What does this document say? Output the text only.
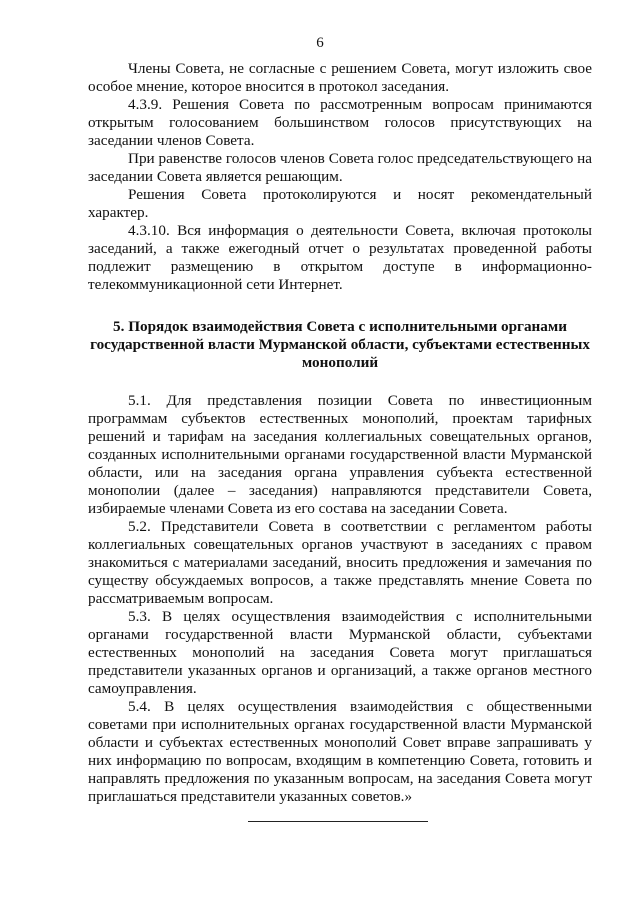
6

Члены Совета, не согласные с решением Совета, могут изложить свое особое мнение, которое вносится в протокол заседания.

4.3.9. Решения Совета по рассмотренным вопросам принимаются открытым голосованием большинством голосов присутствующих на заседании членов Совета.

При равенстве голосов членов Совета голос председательствующего на заседании Совета является решающим.

Решения Совета протоколируются и носят рекомендательный характер.

4.3.10. Вся информация о деятельности Совета, включая протоколы заседаний, а также ежегодный отчет о результатах проведенной работы подлежит размещению в открытом доступе в информационно-телекоммуникационной сети Интернет.

5. Порядок взаимодействия Совета с исполнительными органами государственной власти Мурманской области, субъектами естественных монополий

5.1. Для представления позиции Совета по инвестиционным программам субъектов естественных монополий, проектам тарифных решений и тарифам на заседания коллегиальных совещательных органов, созданных исполнительными органами государственной власти Мурманской области, или на заседания органа управления субъекта естественной монополии (далее – заседания) направляются представители Совета, избираемые членами Совета из его состава на заседании Совета.

5.2. Представители Совета в соответствии с регламентом работы коллегиальных совещательных органов участвуют в заседаниях с правом знакомиться с материалами заседаний, вносить предложения и замечания по существу обсуждаемых вопросов, а также представлять мнение Совета по рассматриваемым вопросам.

5.3. В целях осуществления взаимодействия с исполнительными органами государственной власти Мурманской области, субъектами естественных монополий на заседания Совета могут приглашаться представители указанных органов и организаций, а также органов местного самоуправления.

5.4. В целях осуществления взаимодействия с общественными советами при исполнительных органах государственной власти Мурманской области и субъектах естественных монополий Совет вправе запрашивать у них информацию по вопросам, входящим в компетенцию Совета, готовить и направлять предложения по указанным вопросам, на заседания Совета могут приглашаться представители указанных советов.»
